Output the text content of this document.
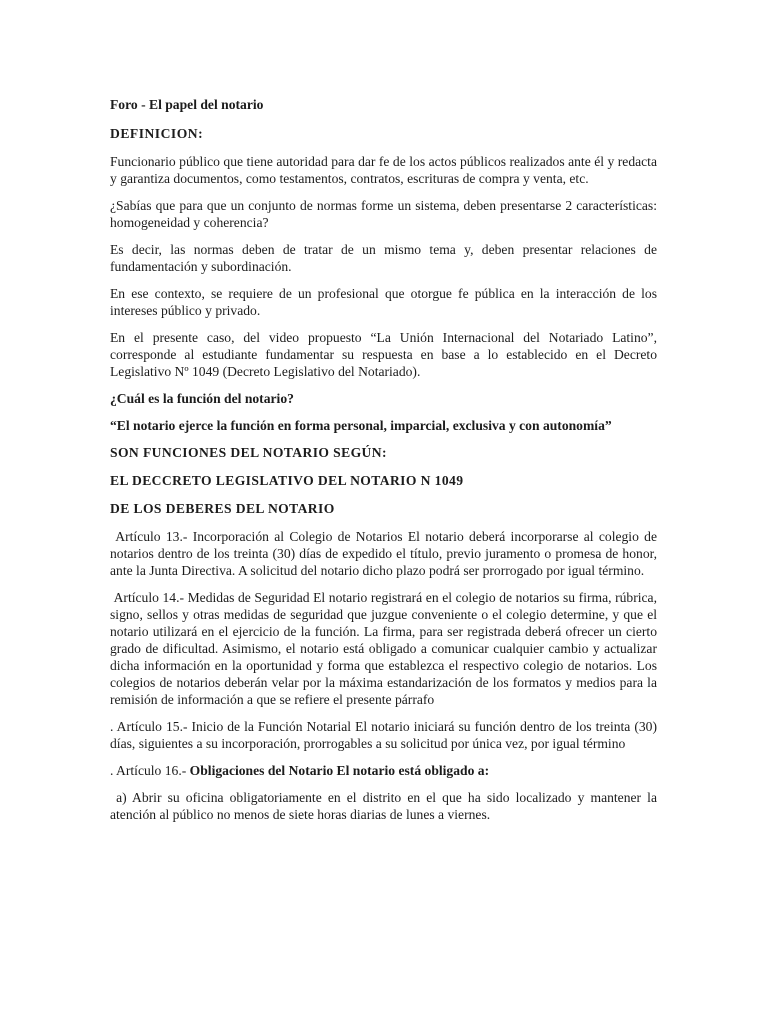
Foro - El papel del notario

DEFINICION:

Funcionario público que tiene autoridad para dar fe de los actos públicos realizados ante él y redacta y garantiza documentos, como testamentos, contratos, escrituras de compra y venta, etc.

¿Sabías que para que un conjunto de normas forme un sistema, deben presentarse 2 características: homogeneidad y coherencia?

Es decir, las normas deben de tratar de un mismo tema y, deben presentar relaciones de fundamentación y subordinación.

En ese contexto, se requiere de un profesional que otorgue fe pública en la interacción de los intereses público y privado.

En el presente caso, del video propuesto “La Unión Internacional del Notariado Latino”, corresponde al estudiante fundamentar su respuesta en base a lo establecido en el Decreto Legislativo Nº 1049 (Decreto Legislativo del Notariado).

¿Cuál es la función del notario?

“El notario ejerce la función en forma personal, imparcial, exclusiva y con autonomía”

SON FUNCIONES DEL NOTARIO SEGÚN:

EL DECCRETO LEGISLATIVO DEL NOTARIO N 1049

DE LOS DEBERES DEL NOTARIO

Artículo 13.- Incorporación al Colegio de Notarios El notario deberá incorporarse al colegio de notarios dentro de los treinta (30) días de expedido el título, previo juramento o promesa de honor, ante la Junta Directiva. A solicitud del notario dicho plazo podrá ser prorrogado por igual término.

Artículo 14.- Medidas de Seguridad El notario registrará en el colegio de notarios su firma, rúbrica, signo, sellos y otras medidas de seguridad que juzgue conveniente o el colegio determine, y que el notario utilizará en el ejercicio de la función. La firma, para ser registrada deberá ofrecer un cierto grado de dificultad. Asimismo, el notario está obligado a comunicar cualquier cambio y actualizar dicha información en la oportunidad y forma que establezca el respectivo colegio de notarios. Los colegios de notarios deberán velar por la máxima estandarización de los formatos y medios para la remisión de información a que se refiere el presente párrafo

. Artículo 15.- Inicio de la Función Notarial El notario iniciará su función dentro de los treinta (30) días, siguientes a su incorporación, prorrogables a su solicitud por única vez, por igual término

. Artículo 16.- Obligaciones del Notario El notario está obligado a:

a) Abrir su oficina obligatoriamente en el distrito en el que ha sido localizado y mantener la atención al público no menos de siete horas diarias de lunes a viernes.
